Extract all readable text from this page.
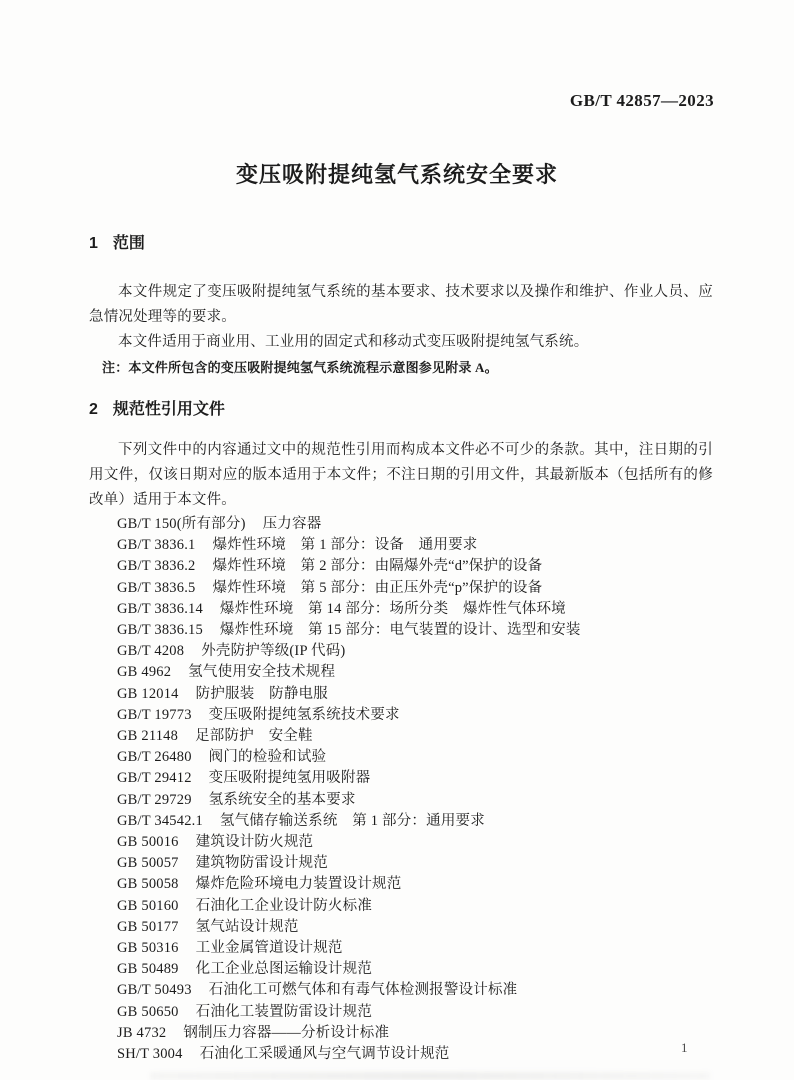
GB/T 42857—2023
变压吸附提纯氢气系统安全要求
1 范围

本文件规定了变压吸附提纯氢气系统的基本要求、技术要求以及操作和维护、作业人员、应急情况处理等的要求。

本文件适用于商业用、工业用的固定式和移动式变压吸附提纯氢气系统。

注：本文件所包含的变压吸附提纯氢气系统流程示意图参见附录 A。

2 规范性引用文件

下列文件中的内容通过文中的规范性引用而构成本文件必不可少的条款。其中，注日期的引用文件，仅该日期对应的版本适用于本文件；不注日期的引用文件，其最新版本（包括所有的修改单）适用于本文件。

GB/T 150(所有部分) 压力容器
GB/T 3836.1 爆炸性环境　第 1 部分：设备　通用要求
GB/T 3836.2 爆炸性环境　第 2 部分：由隔爆外壳“d”保护的设备
GB/T 3836.5 爆炸性环境　第 5 部分：由正压外壳“p”保护的设备
GB/T 3836.14 爆炸性环境　第 14 部分：场所分类　爆炸性气体环境
GB/T 3836.15 爆炸性环境　第 15 部分：电气装置的设计、选型和安装
GB/T 4208 外壳防护等级(IP 代码)
GB 4962 氢气使用安全技术规程
GB 12014 防护服装　防静电服
GB/T 19773 变压吸附提纯氢系统技术要求
GB 21148 足部防护　安全鞋
GB/T 26480 阀门的检验和试验
GB/T 29412 变压吸附提纯氢用吸附器
GB/T 29729 氢系统安全的基本要求
GB/T 34542.1 氢气储存输送系统　第 1 部分：通用要求
GB 50016 建筑设计防火规范
GB 50057 建筑物防雷设计规范
GB 50058 爆炸危险环境电力装置设计规范
GB 50160 石油化工企业设计防火标准
GB 50177 氢气站设计规范
GB 50316 工业金属管道设计规范
GB 50489 化工企业总图运输设计规范
GB/T 50493 石油化工可燃气体和有毒气体检测报警设计标准
GB 50650 石油化工装置防雷设计规范
JB 4732 钢制压力容器——分析设计标准
SH/T 3004 石油化工采暖通风与空气调节设计规范	1
